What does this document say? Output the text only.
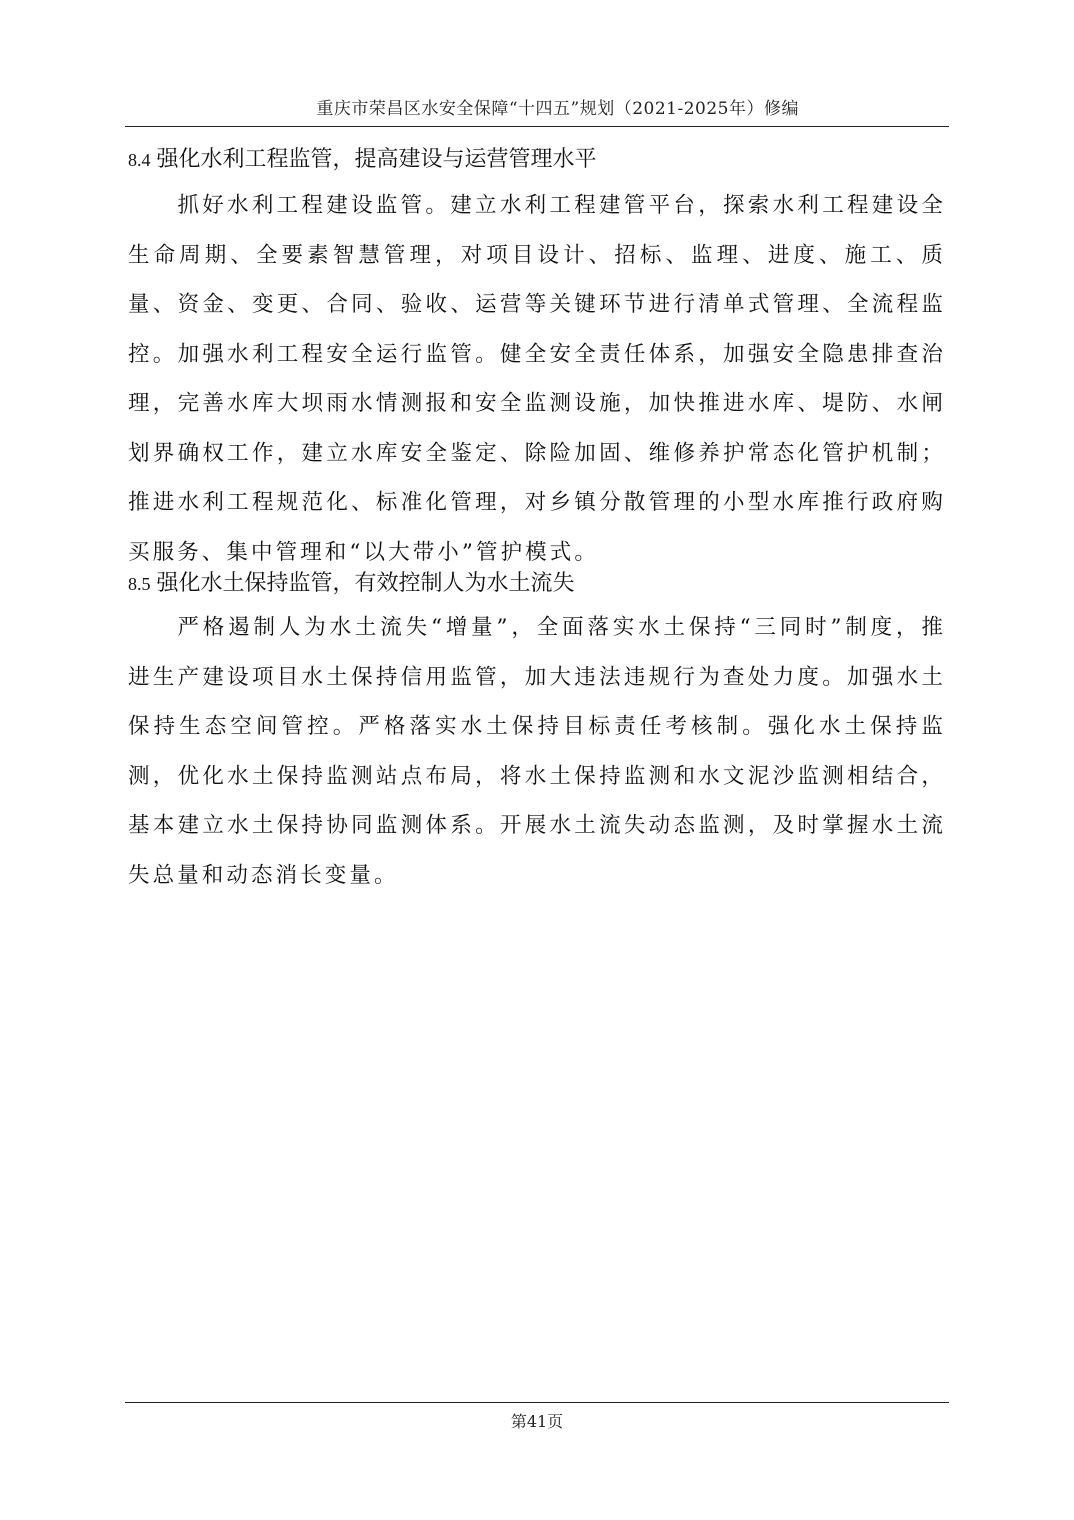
重庆市荣昌区水安全保障“十四五”规划（2021-2025年）修编
8.4 强化水利工程监管，提高建设与运营管理水平

抓好水利工程建设监管。建立水利工程建管平台，探索水利工程建设全生命周期、全要素智慧管理，对项目设计、招标、监理、进度、施工、质量、资金、变更、合同、验收、运营等关键环节进行清单式管理、全流程监控。加强水利工程安全运行监管。健全安全责任体系，加强安全隐患排查治理，完善水库大坝雨水情测报和安全监测设施，加快推进水库、堤防、水闸划界确权工作，建立水库安全鉴定、除险加固、维修养护常态化管护机制；推进水利工程规范化、标准化管理，对乡镇分散管理的小型水库推行政府购买服务、集中管理和“以大带小”管护模式。

8.5 强化水土保持监管，有效控制人为水土流失

严格遏制人为水土流失“增量”，全面落实水土保持“三同时”制度，推进生产建设项目水土保持信用监管，加大违法违规行为查处力度。加强水土保持生态空间管控。严格落实水土保持目标责任考核制。强化水土保持监测，优化水土保持监测站点布局，将水土保持监测和水文泥沙监测相结合，基本建立水土保持协同监测体系。开展水土流失动态监测，及时掌握水土流失总量和动态消长变量。

第41页
